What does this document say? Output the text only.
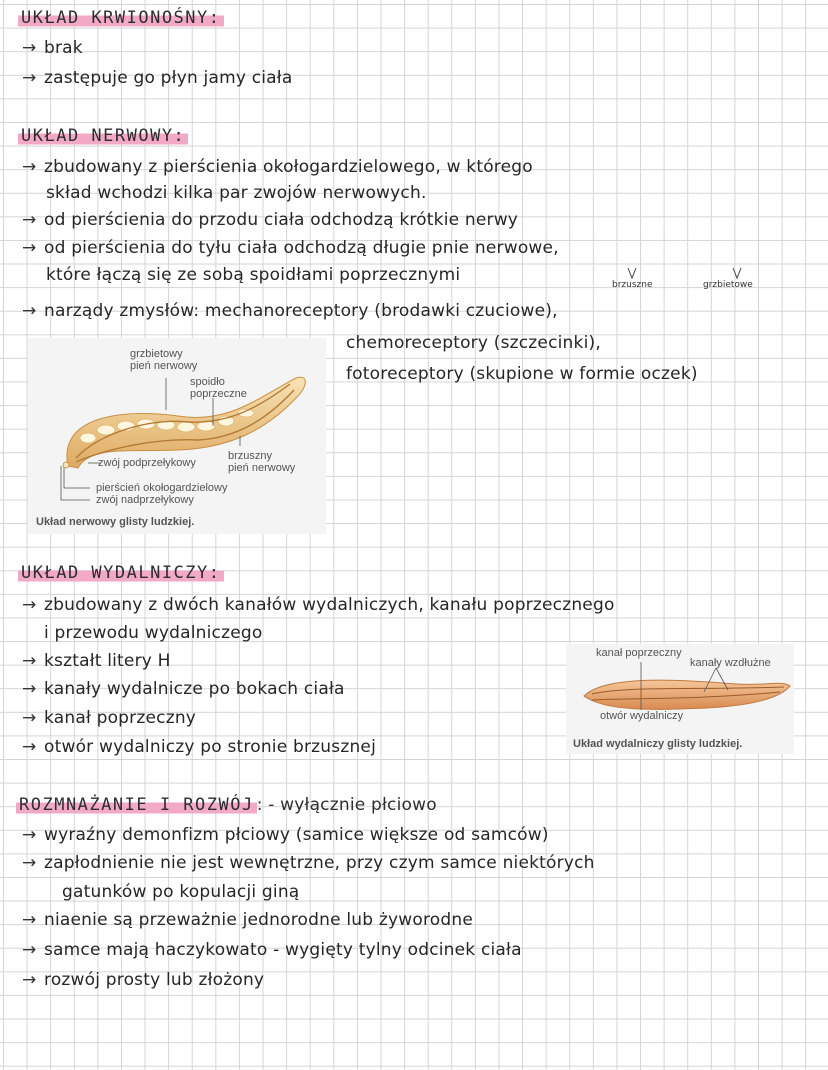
UKŁAD KRWIONOŚNY:
→ brak
→ zastępuje go płyn jamy ciała
UKŁAD NERWOWY:
→ zbudowany z pierścienia okołogardzielowego, w którego
skład wchodzi kilka par zwojów nerwowych.
→ od pierścienia do przodu ciała odchodzą krótkie nerwy
→ od pierścienia do tyłu ciała odchodzą długie pnie nerwowe,
które łączą się ze sobą spoidłami poprzecznymi	brzuszne	grzbietowe
→ narządy zmysłów: mechanoreceptory (brodawki czuciowe),
chemoreceptory (szczecinki),
fotoreceptory (skupione w formie oczek)
grzbietowy
pień nerwowy
spoidło
poprzeczne
zwój podprzełykowy
brzuszny
pień nerwowy
pierścień okołogardzielowy
zwój nadprzełykowy
Układ nerwowy glisty ludzkiej.
UKŁAD WYDALNICZY:
→ zbudowany z dwóch kanałów wydalniczych, kanału poprzecznego
i przewodu wydalniczego
→ kształt litery H
→ kanały wydalnicze po bokach ciała
→ kanał poprzeczny
→ otwór wydalniczy po stronie brzusznej
kanał poprzeczny
kanały wzdłużne
otwór wydalniczy
Układ wydalniczy glisty ludzkiej.
ROZMNAŻANIE I ROZWÓJ : - wyłącznie płciowo
→ wyraźny demonfizm płciowy (samice większe od samców)
→ zapłodnienie nie jest wewnętrzne, przy czym samce niektórych
gatunków po kopulacji giną
→ niaenie są przeważnie jednorodne lub żyworodne
→ samce mają haczykowato - wygięty tylny odcinek ciała
→ rozwój prosty lub złożony
